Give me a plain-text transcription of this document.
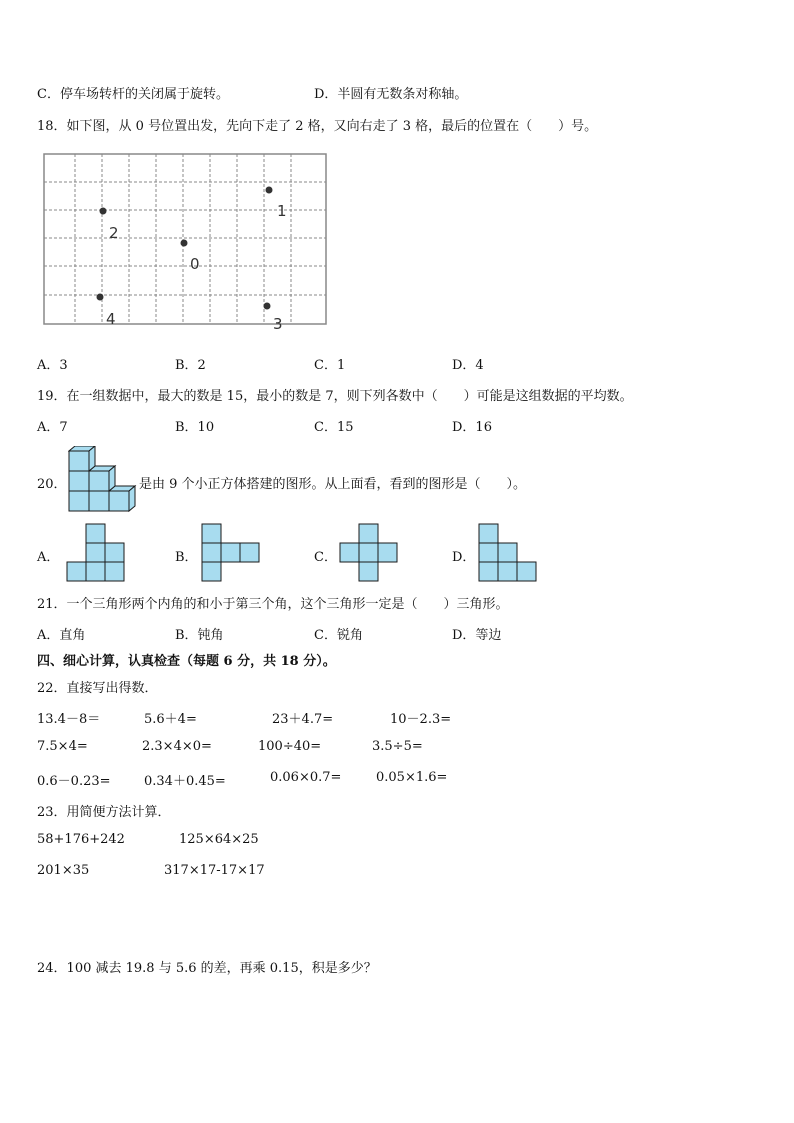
C．停车场转杆的关闭属于旋转。	D．半圆有无数条对称轴。
18．如下图，从 0 号位置出发，先向下走了 2 格，又向右走了 3 格，最后的位置在（　　）号。
1
2
0
4	3
A．3	B．2	C．1	D．4
19．在一组数据中，最大的数是 15，最小的数是 7，则下列各数中（　　）可能是这组数据的平均数。
A．7	B．10	C．15	D．16
20．	是由 9 个小正方体搭建的图形。从上面看，看到的图形是（　　）。
A．	B．	C．	D．
21．一个三角形两个内角的和小于第三个角，这个三角形一定是（　　）三角形。
A．直角	B．钝角	C．锐角	D．等边
四、细心计算，认真检查（每题 6 分，共 18 分）。
22．直接写出得数．
13.4－8＝	5.6＋4=	23＋4.7=	10－2.3=
7.5×4=	2.3×4×0=	100÷40=	3.5÷5=
0.6－0.23=	0.34＋0.45=	0.06×0.7=	0.05×1.6=
23．用简便方法计算．
58+176+242	125×64×25
201×35	317×17-17×17
24．100 减去 19.8 与 5.6 的差，再乘 0.15，积是多少？
